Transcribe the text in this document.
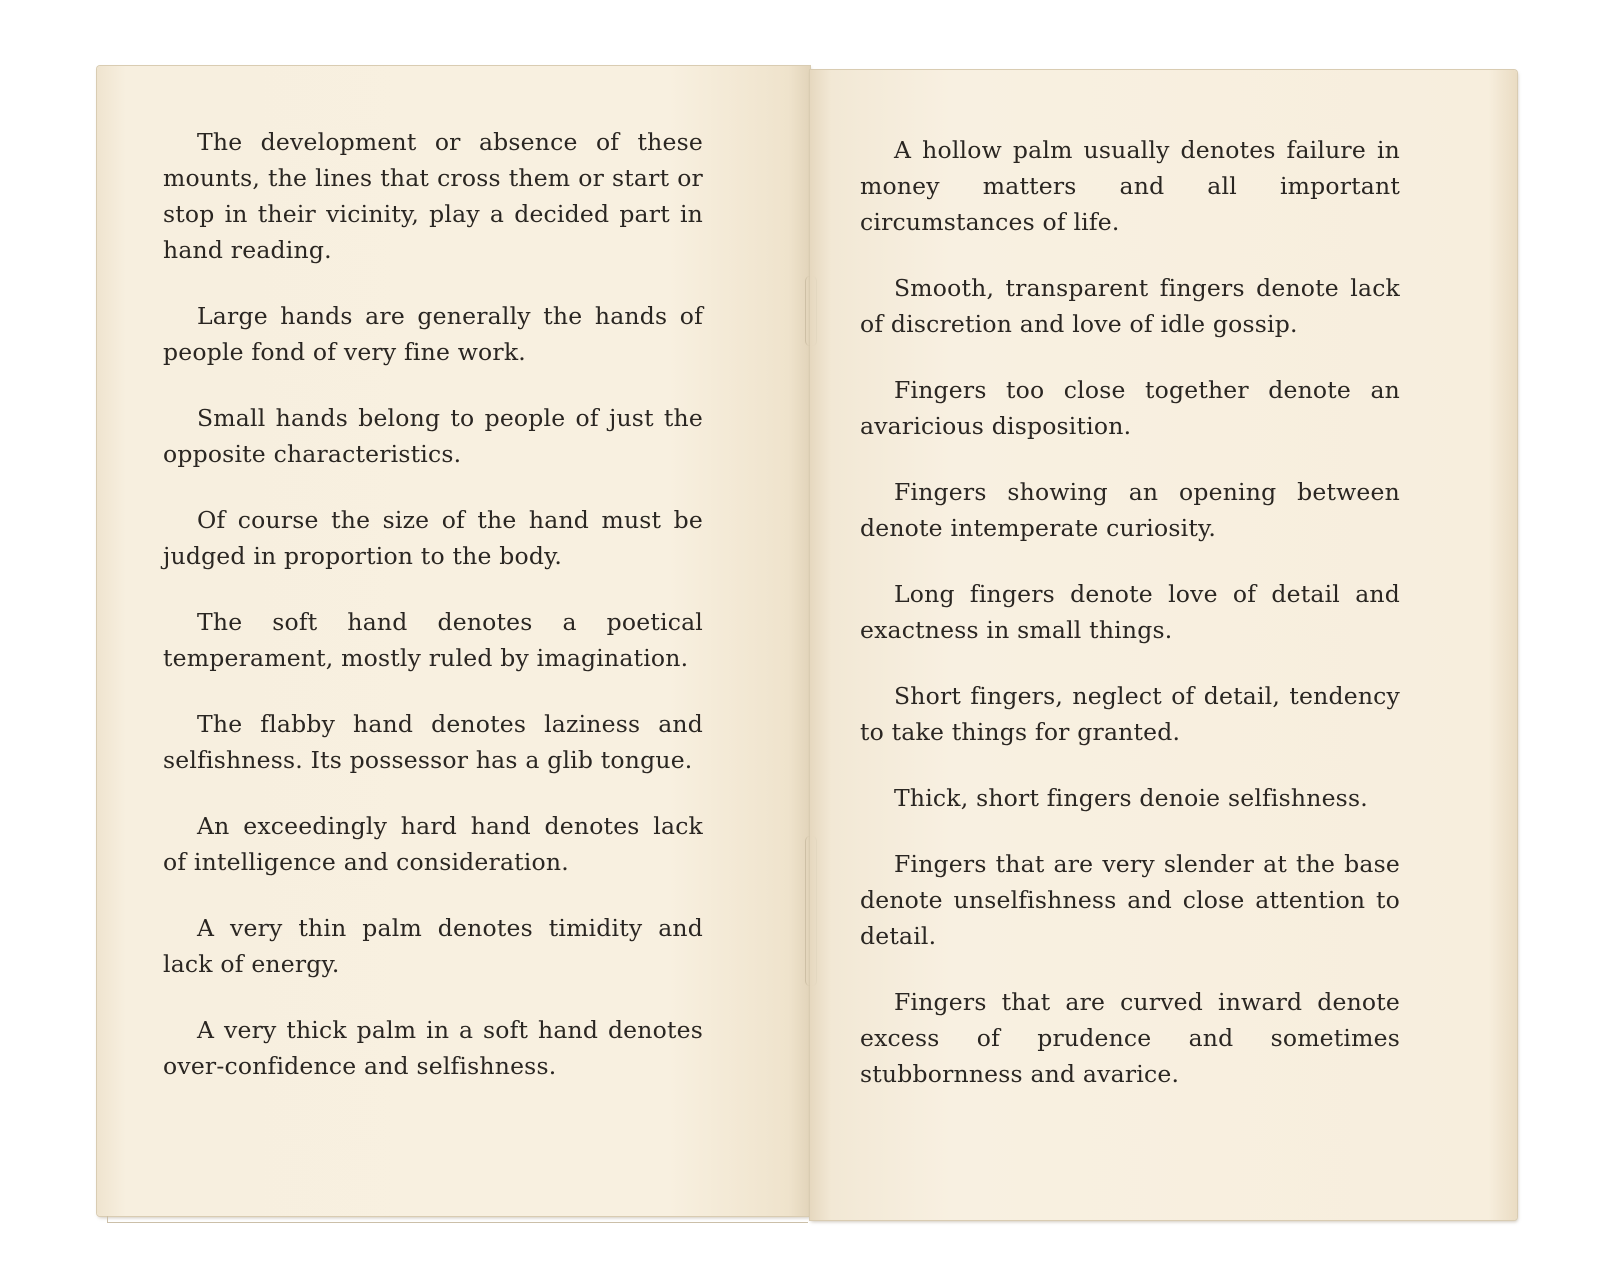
The development or absence of these mounts, the lines that cross them or start or stop in their vicinity, play a decided part in hand reading.

Large hands are generally the hands of people fond of very fine work.

Small hands belong to people of just the opposite characteristics.

Of course the size of the hand must be judged in proportion to the body.

The soft hand denotes a poetical temperament, mostly ruled by imagination.

The flabby hand denotes laziness and selfishness. Its possessor has a glib tongue.

An exceedingly hard hand denotes lack of intelligence and consideration.

A very thin palm denotes timidity and lack of energy.

A very thick palm in a soft hand denotes over-confidence and selfishness.

A hollow palm usually denotes failure in money matters and all important circumstances of life.

Smooth, transparent fingers denote lack of discretion and love of idle gossip.

Fingers too close together denote an avaricious disposition.

Fingers showing an opening between denote intemperate curiosity.

Long fingers denote love of detail and exactness in small things.

Short fingers, neglect of detail, tendency to take things for granted.

Thick, short fingers denoie selfishness.

Fingers that are very slender at the base denote unselfishness and close attention to detail.

Fingers that are curved inward denote excess of prudence and sometimes stubbornness and avarice.
